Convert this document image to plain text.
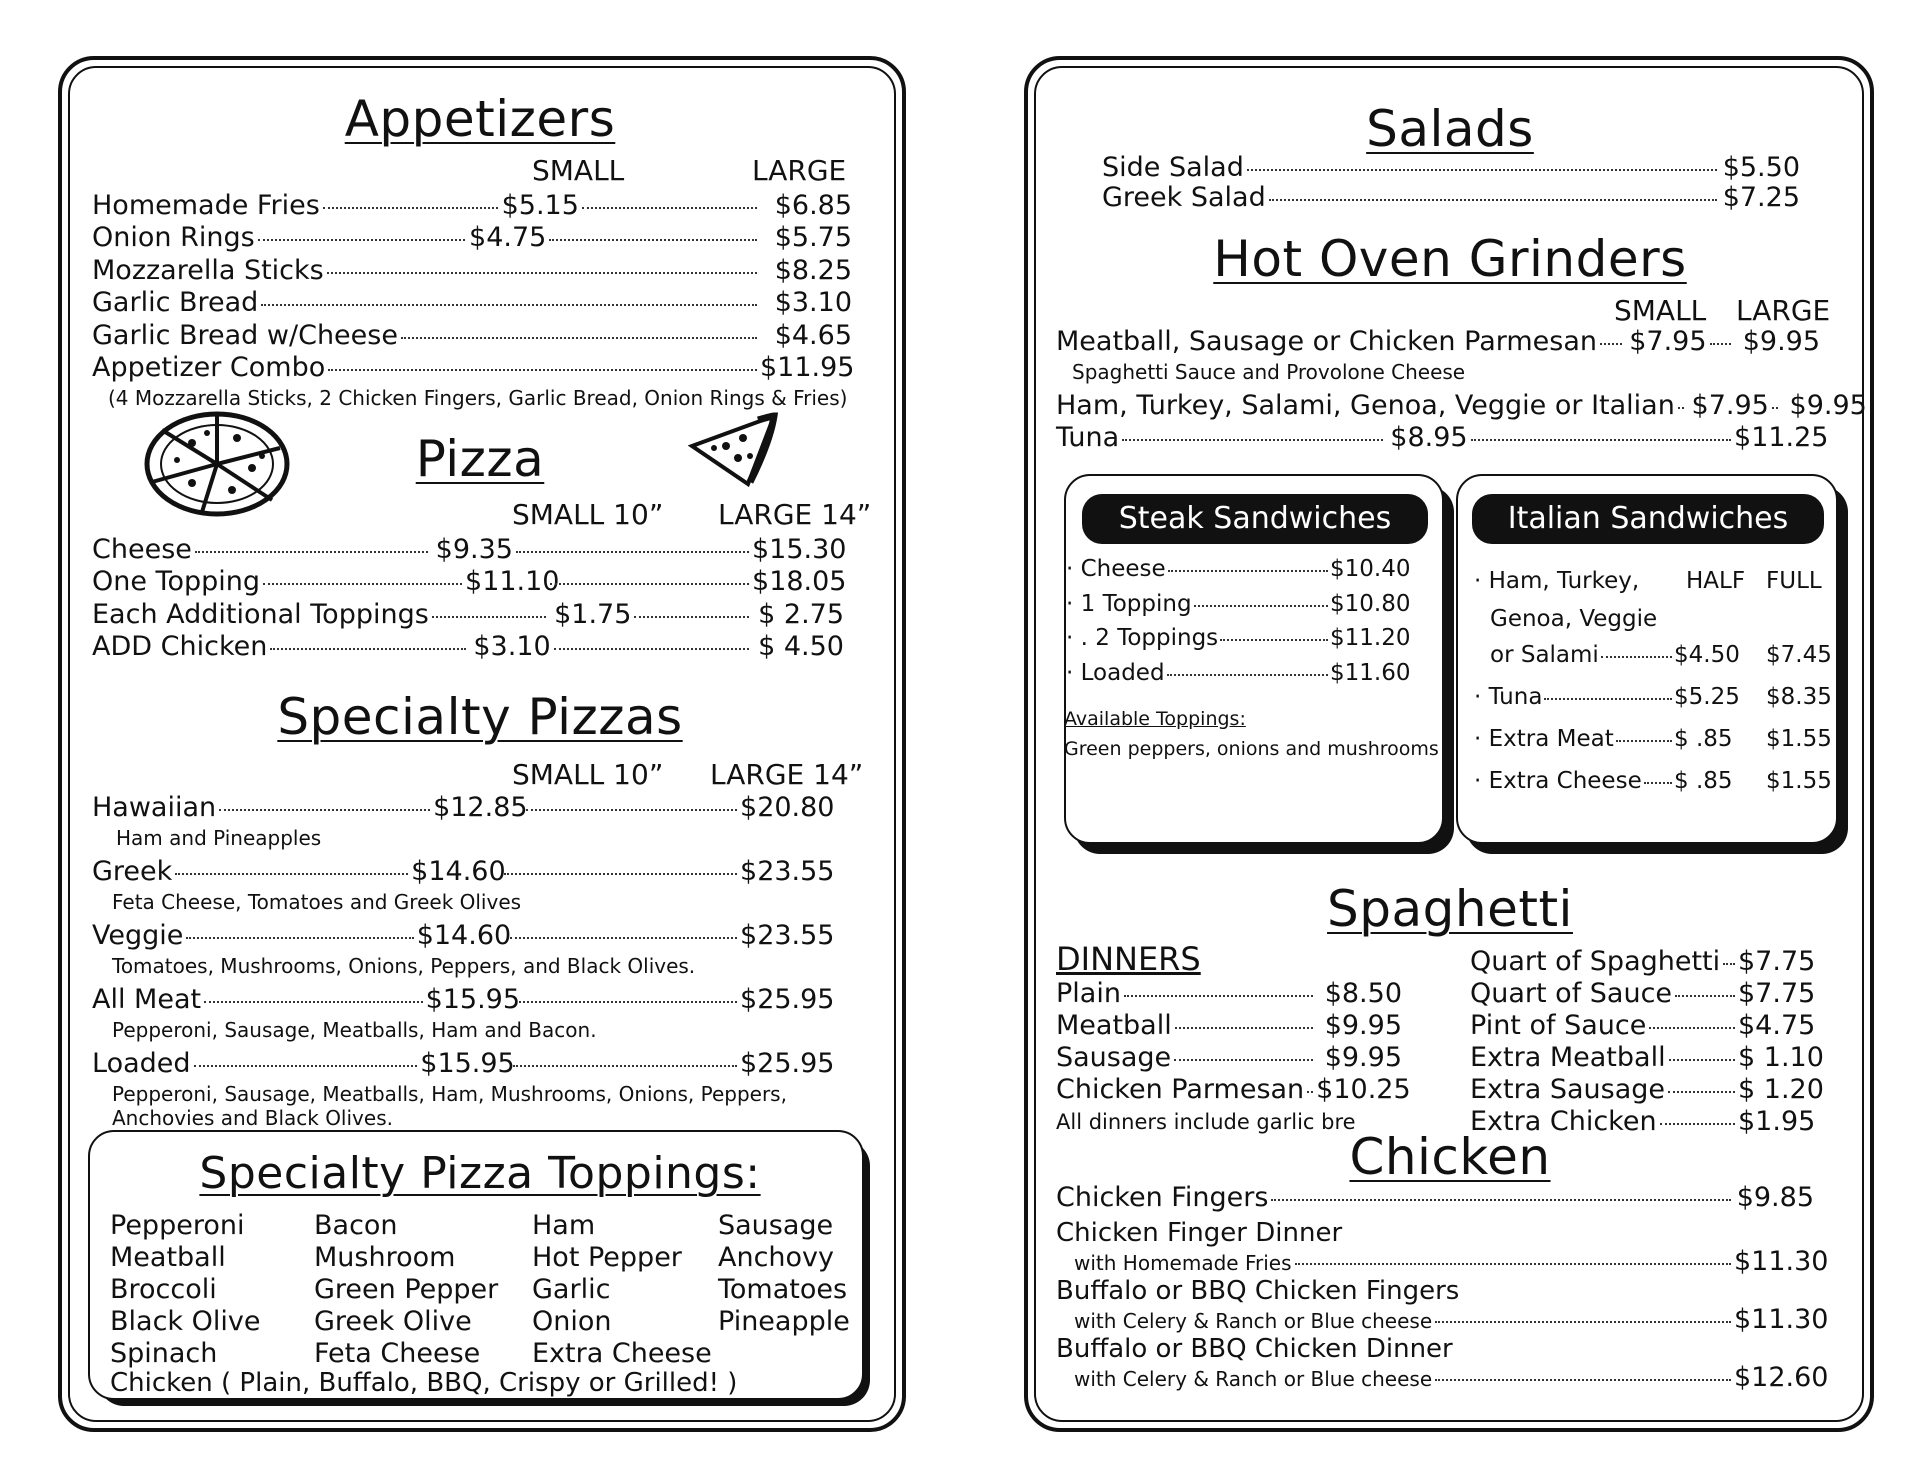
Appetizers
SMALL	LARGE
Homemade Fries	$5.15	$6.85
Onion Rings	$4.75	$5.75
Mozzarella Sticks	$8.25
Garlic Bread	$3.10
Garlic Bread w/Cheese	$4.65
Appetizer Combo	$11.95
(4 Mozzarella Sticks, 2 Chicken Fingers, Garlic Bread, Onion Rings & Fries)
Pizza
SMALL 10” LARGE 14”
Cheese	$9.35	$15.30
One Topping	$11.10	$18.05
Each Additional Toppings	$1.75	$ 2.75
ADD Chicken	$3.10	$ 4.50
Specialty Pizzas
SMALL 10” LARGE 14”
Hawaiian	$12.85	$20.80
Ham and Pineapples
Greek	$14.60	$23.55
Feta Cheese, Tomatoes and Greek Olives
Veggie	$14.60	$23.55
Tomatoes, Mushrooms, Onions, Peppers, and Black Olives.
All Meat	$15.95	$25.95
Pepperoni, Sausage, Meatballs, Ham and Bacon.
Loaded	$15.95	$25.95
Pepperoni, Sausage, Meatballs, Ham, Mushrooms, Onions, Peppers,
Anchovies and Black Olives.
Specialty Pizza Toppings:
Pepperoni
Meatball
Broccoli
Black Olive
Spinach
Bacon
Mushroom
Green Pepper
Greek Olive
Feta Cheese
Ham
Hot Pepper
Garlic
Onion
Extra Cheese
Sausage
Anchovy
Tomatoes
Pineapple
Chicken ( Plain, Buffalo, BBQ, Crispy or Grilled! )
Salads
Side Salad	$5.50
Greek Salad	$7.25
Hot Oven Grinders
SMALL LARGE
Meatball, Sausage or Chicken Parmesan $7.95	$9.95
Spaghetti Sauce and Provolone Cheese
Ham, Turkey, Salami, Genoa, Veggie or Italian $7.95 $9.95
Tuna	$8.95	$11.25
Steak Sandwiches
· Cheese	$10.40
· 1 Topping	$10.80
· . 2 Toppings	$11.20
· Loaded	$11.60
Available Toppings:
Green peppers, onions and mushrooms
Italian Sandwiches
· Ham, Turkey, HALF FULL
Genoa, Veggie
or Salami	$4.50 $7.45
· Tuna	$5.25 $8.35
· Extra Meat	$ .85	$1.55
· Extra Cheese $ .85	$1.55
Spaghetti
DINNERS
Plain	$8.50
Meatball	$9.95
Sausage	$9.95
Chicken Parmesan $10.25
All dinners include garlic bre
Quart of Spaghetti $7.75
Quart of Sauce $7.75
Pint of Sauce	$4.75
Extra Meatball	$ 1.10
Extra Sausage	$ 1.20
Extra Chicken	$1.95
Chicken
Chicken Fingers	$9.85
Chicken Finger Dinner
with Homemade Fries	$11.30
Buffalo or BBQ Chicken Fingers
with Celery & Ranch or Blue cheese	$11.30
Buffalo or BBQ Chicken Dinner
with Celery & Ranch or Blue cheese	$12.60
